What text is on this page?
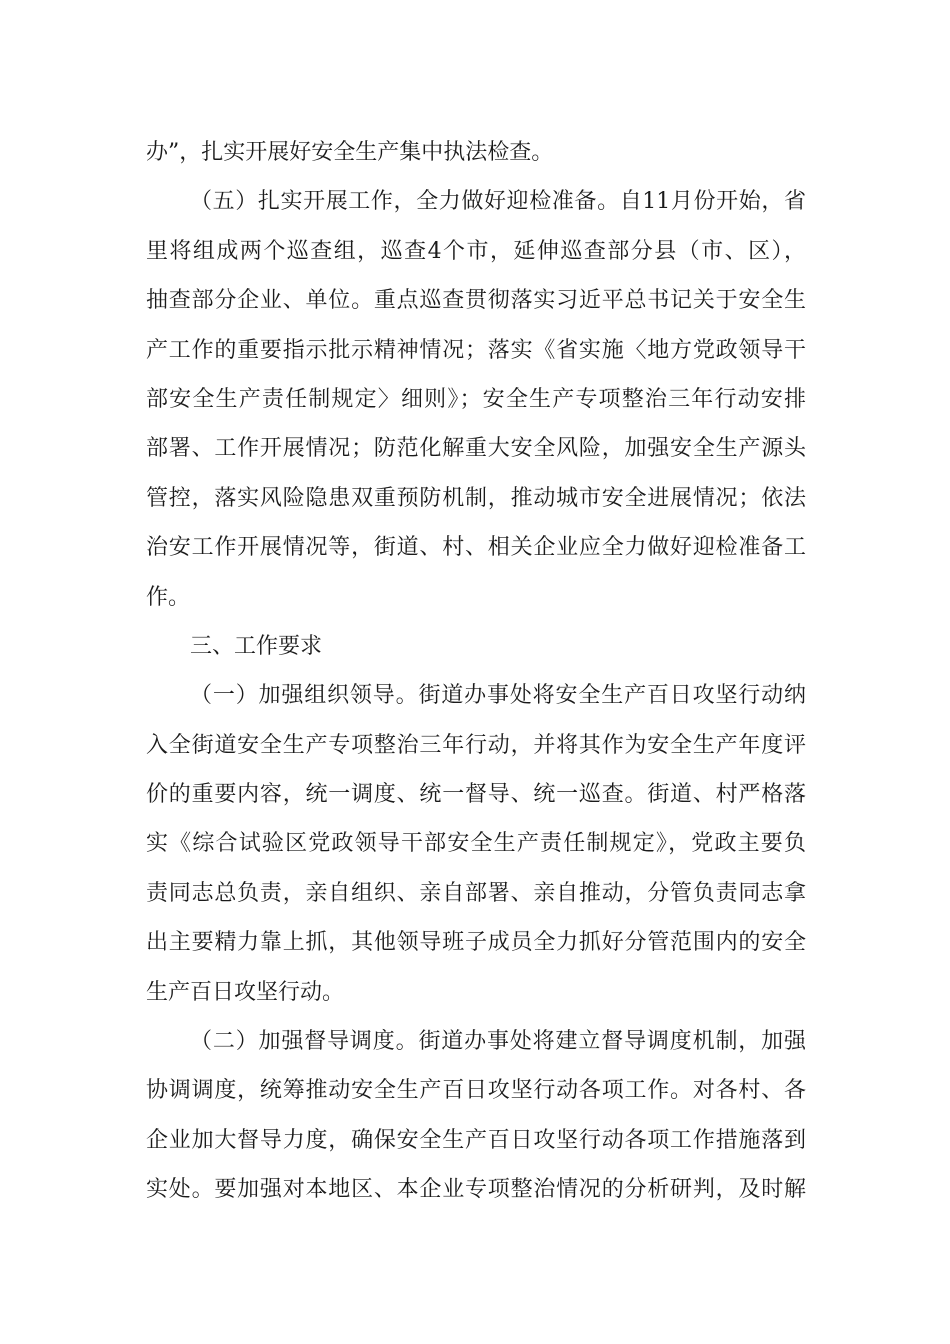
办”，扎实开展好安全生产集中执法检查。
（五）扎实开展工作，全力做好迎检准备。自11月份开始，省
里将组成两个巡查组，巡查4个市，延伸巡查部分县（市、区），
抽查部分企业、单位。重点巡查贯彻落实习近平总书记关于安全生
产工作的重要指示批示精神情况；落实《省实施〈地方党政领导干
部安全生产责任制规定〉细则》；安全生产专项整治三年行动安排
部署、工作开展情况；防范化解重大安全风险，加强安全生产源头
管控，落实风险隐患双重预防机制，推动城市安全进展情况；依法
治安工作开展情况等，街道、村、相关企业应全力做好迎检准备工
作。
三、工作要求
（一）加强组织领导。街道办事处将安全生产百日攻坚行动纳
入全街道安全生产专项整治三年行动，并将其作为安全生产年度评
价的重要内容，统一调度、统一督导、统一巡查。街道、村严格落
实《综合试验区党政领导干部安全生产责任制规定》，党政主要负
责同志总负责，亲自组织、亲自部署、亲自推动，分管负责同志拿
出主要精力靠上抓，其他领导班子成员全力抓好分管范围内的安全
生产百日攻坚行动。
（二）加强督导调度。街道办事处将建立督导调度机制，加强
协调调度，统筹推动安全生产百日攻坚行动各项工作。对各村、各
企业加大督导力度，确保安全生产百日攻坚行动各项工作措施落到
实处。要加强对本地区、本企业专项整治情况的分析研判，及时解
